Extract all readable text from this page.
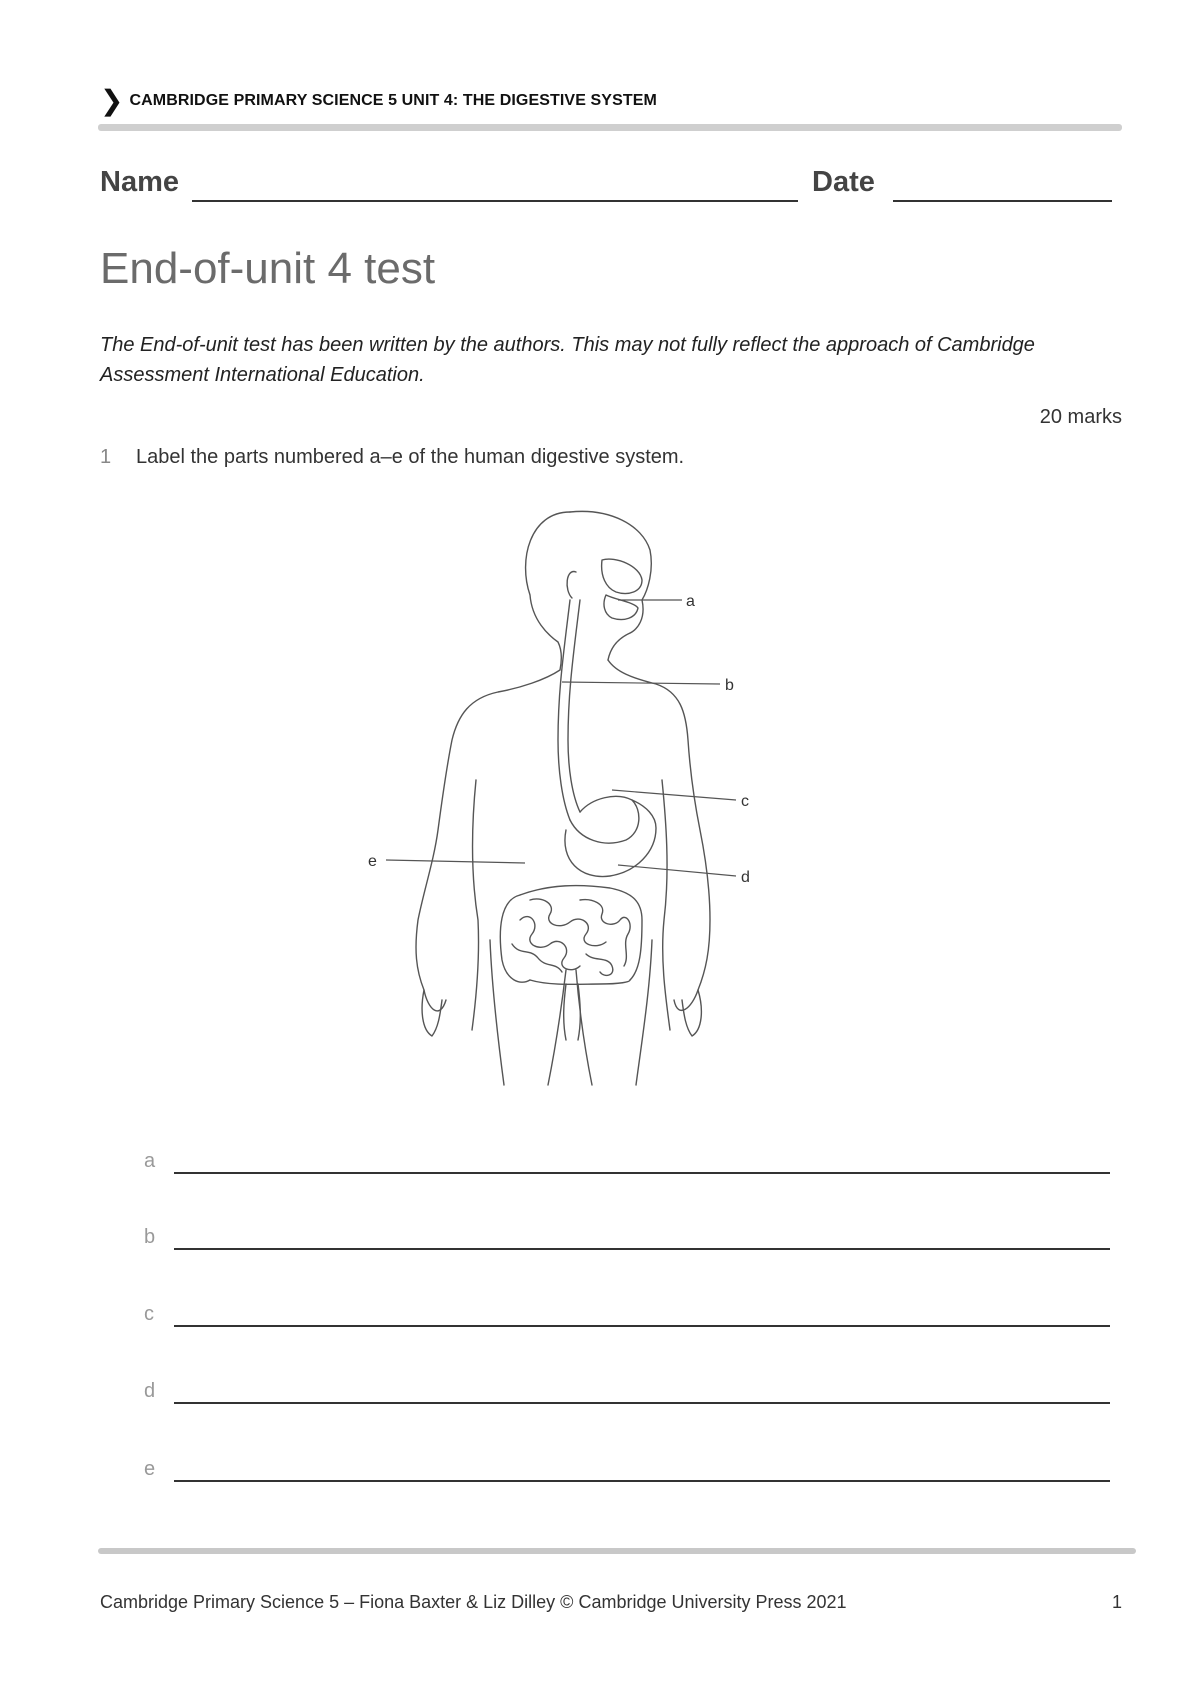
❯ CAMBRIDGE PRIMARY SCIENCE 5 UNIT 4: THE DIGESTIVE SYSTEM
Name	Date
End-of-unit 4 test
The End-of-unit test has been written by the authors. This may not fully reflect the approach of Cambridge Assessment International Education.
20 marks
1 Label the parts numbered a–e of the human digestive system.
a
b
c
d
e
a
b
c
d
e
Cambridge Primary Science 5 – Fiona Baxter & Liz Dilley © Cambridge University Press 2021	1
